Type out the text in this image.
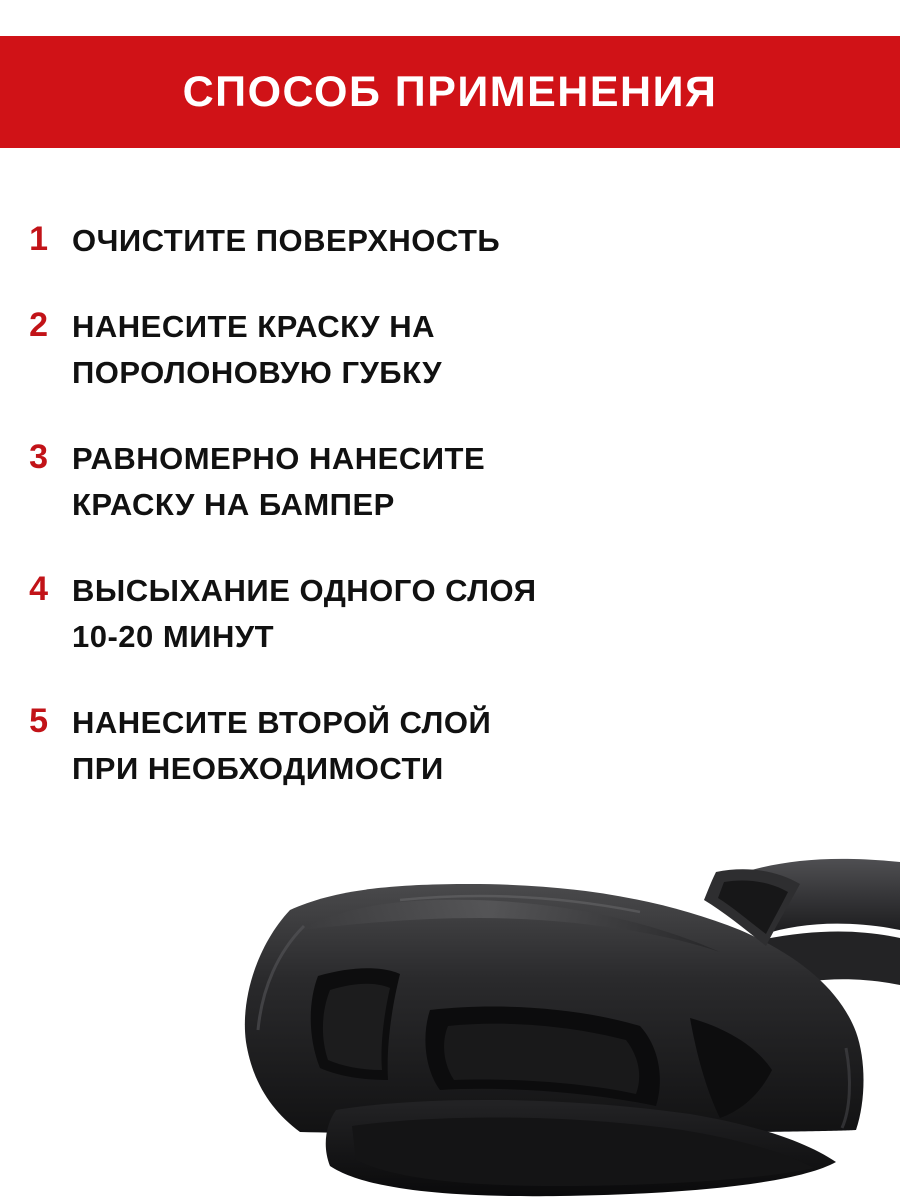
СПОСОБ ПРИМЕНЕНИЯ
1 ОЧИСТИТЕ ПОВЕРХНОСТЬ
2 НАНЕСИТЕ КРАСКУ НА
ПОРОЛОНОВУЮ ГУБКУ
3 РАВНОМЕРНО НАНЕСИТЕ
КРАСКУ НА БАМПЕР
4 ВЫСЫХАНИЕ ОДНОГО СЛОЯ
10-20 МИНУТ
5 НАНЕСИТЕ ВТОРОЙ СЛОЙ
ПРИ НЕОБХОДИМОСТИ
